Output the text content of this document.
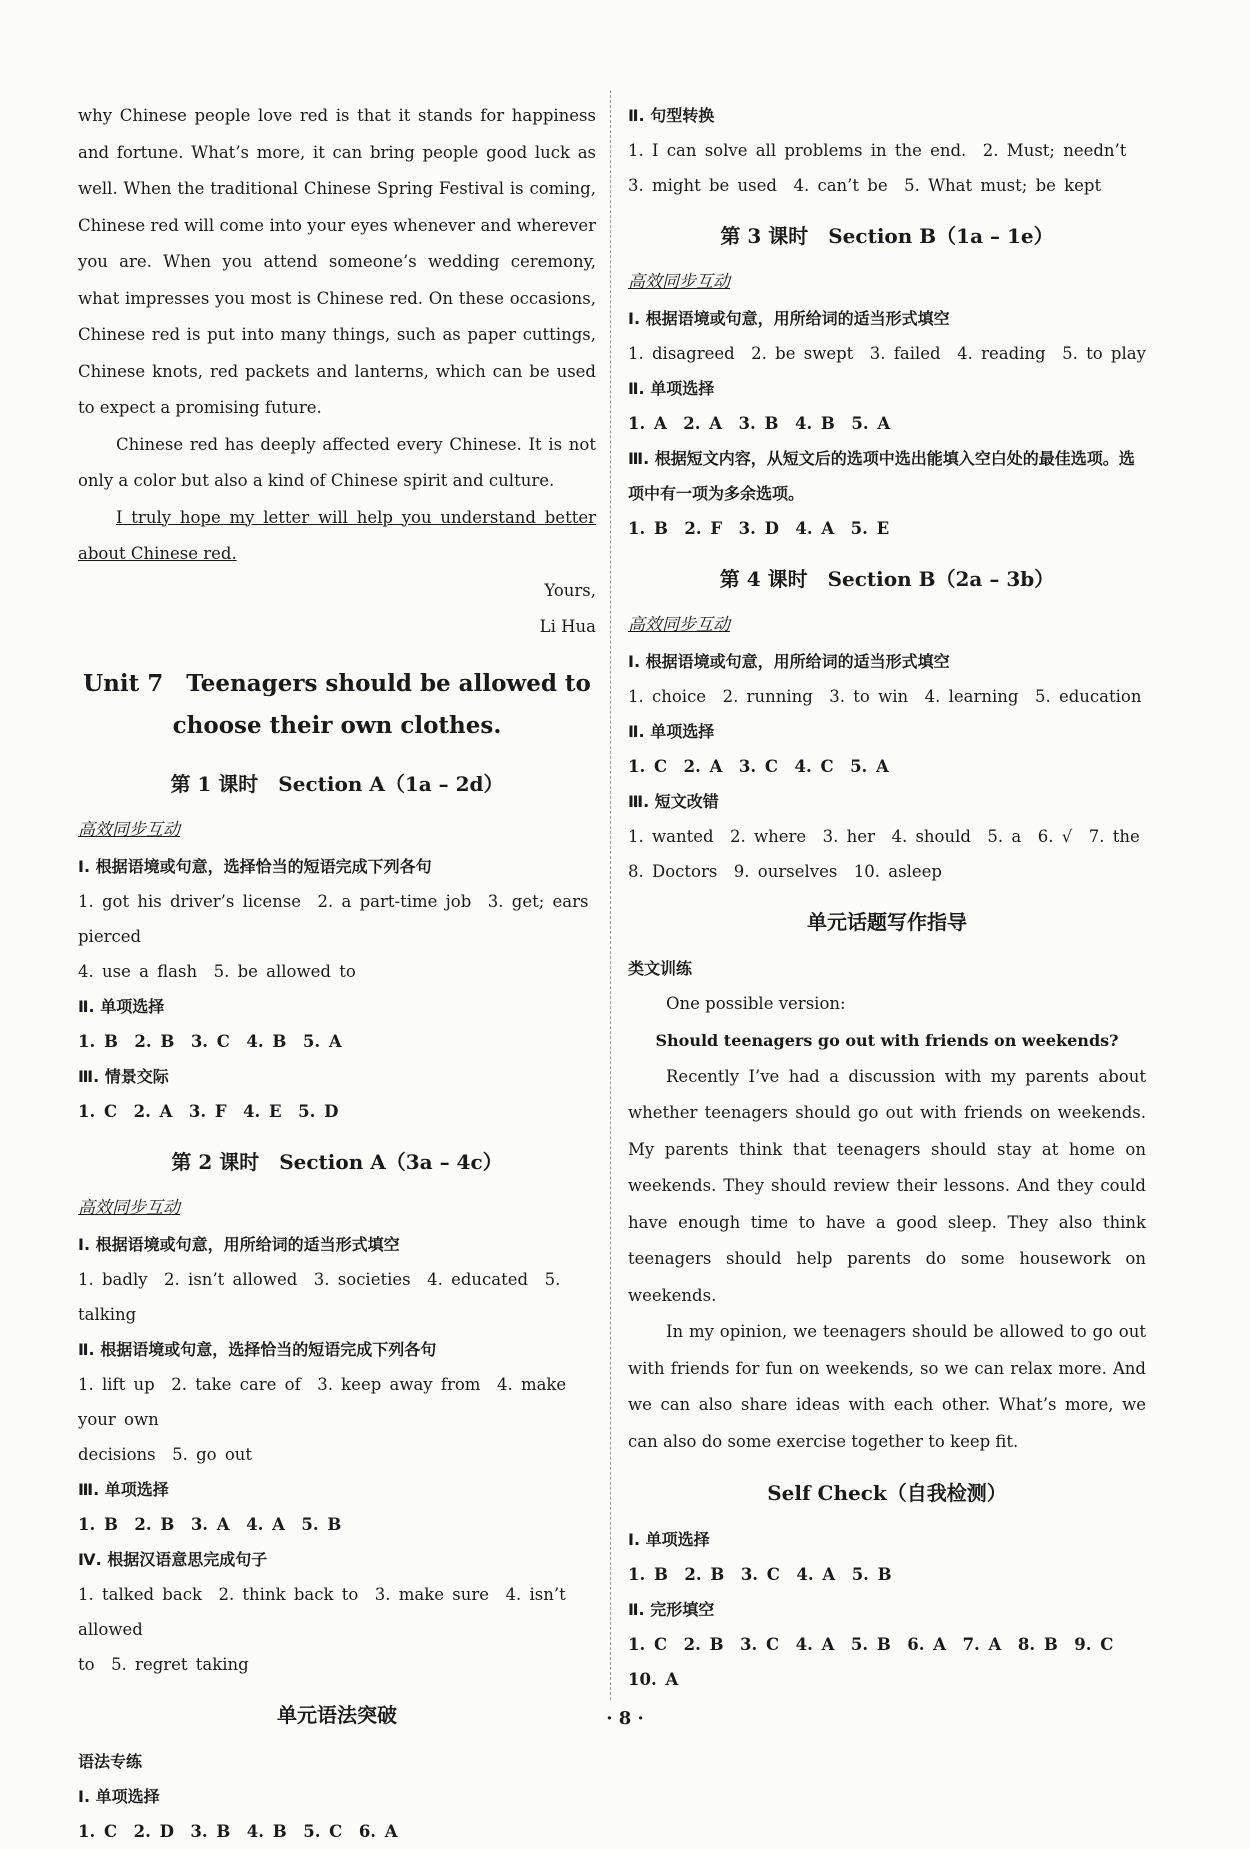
why Chinese people love red is that it stands for happiness and fortune. What’s more, it can bring people good luck as well. When the traditional Chinese Spring Festival is coming, Chinese red will come into your eyes whenever and wherever you are. When you attend someone’s wedding ceremony, what impresses you most is Chinese red. On these occasions, Chinese red is put into many things, such as paper cuttings, Chinese knots, red packets and lanterns, which can be used to expect a promising future.

Chinese red has deeply affected every Chinese. It is not only a color but also a kind of Chinese spirit and culture.

I truly hope my letter will help you understand better about Chinese red.

Yours,

Li Hua

Unit 7　Teenagers should be allowed to
choose their own clothes.
第 1 课时　Section A（1a – 2d）

高效同步互动

Ⅰ. 根据语境或句意，选择恰当的短语完成下列各句

1. got his driver’s license　2. a part-time job　3. get; ears pierced

4. use a flash　5. be allowed to

Ⅱ. 单项选择

1. B　2. B　3. C　4. B　5. A

Ⅲ. 情景交际

1. C　2. A　3. F　4. E　5. D

第 2 课时　Section A（3a – 4c）

高效同步互动

Ⅰ. 根据语境或句意，用所给词的适当形式填空

1. badly　2. isn’t allowed　3. societies　4. educated　5. talking

Ⅱ. 根据语境或句意，选择恰当的短语完成下列各句

1. lift up　2. take care of　3. keep away from　4. make your own

decisions　5. go out

Ⅲ. 单项选择

1. B　2. B　3. A　4. A　5. B

Ⅳ. 根据汉语意思完成句子

1. talked back　2. think back to　3. make sure　4. isn’t allowed

to　5. regret taking

单元语法突破

语法专练

Ⅰ. 单项选择

1. C　2. D　3. B　4. B　5. C　6. A

Ⅱ. 句型转换

1. I can solve all problems in the end.　2. Must; needn’t

3. might be used　4. can’t be　5. What must; be kept

第 3 课时　Section B（1a – 1e）

高效同步互动

Ⅰ. 根据语境或句意，用所给词的适当形式填空

1. disagreed　2. be swept　3. failed　4. reading　5. to play

Ⅱ. 单项选择

1. A　2. A　3. B　4. B　5. A

Ⅲ. 根据短文内容，从短文后的选项中选出能填入空白处的最佳选项。选项中有一项为多余选项。

1. B　2. F　3. D　4. A　5. E

第 4 课时　Section B（2a – 3b）

高效同步互动

Ⅰ. 根据语境或句意，用所给词的适当形式填空

1. choice　2. running　3. to win　4. learning　5. education

Ⅱ. 单项选择

1. C　2. A　3. C　4. C　5. A

Ⅲ. 短文改错

1. wanted　2. where　3. her　4. should　5. a　6. √　7. the

8. Doctors　9. ourselves　10. asleep

单元话题写作指导

类文训练

One possible version:

Should teenagers go out with friends on weekends?

Recently I’ve had a discussion with my parents about whether teenagers should go out with friends on weekends. My parents think that teenagers should stay at home on weekends. They should review their lessons. And they could have enough time to have a good sleep. They also think teenagers should help parents do some housework on weekends.

In my opinion, we teenagers should be allowed to go out with friends for fun on weekends, so we can relax more. And we can also share ideas with each other. What’s more, we can also do some exercise together to keep fit.

Self Check（自我检测）

Ⅰ. 单项选择

1. B　2. B　3. C　4. A　5. B

Ⅱ. 完形填空

1. C　2. B　3. C　4. A　5. B　6. A　7. A　8. B　9. C　10. A

· 8 ·
